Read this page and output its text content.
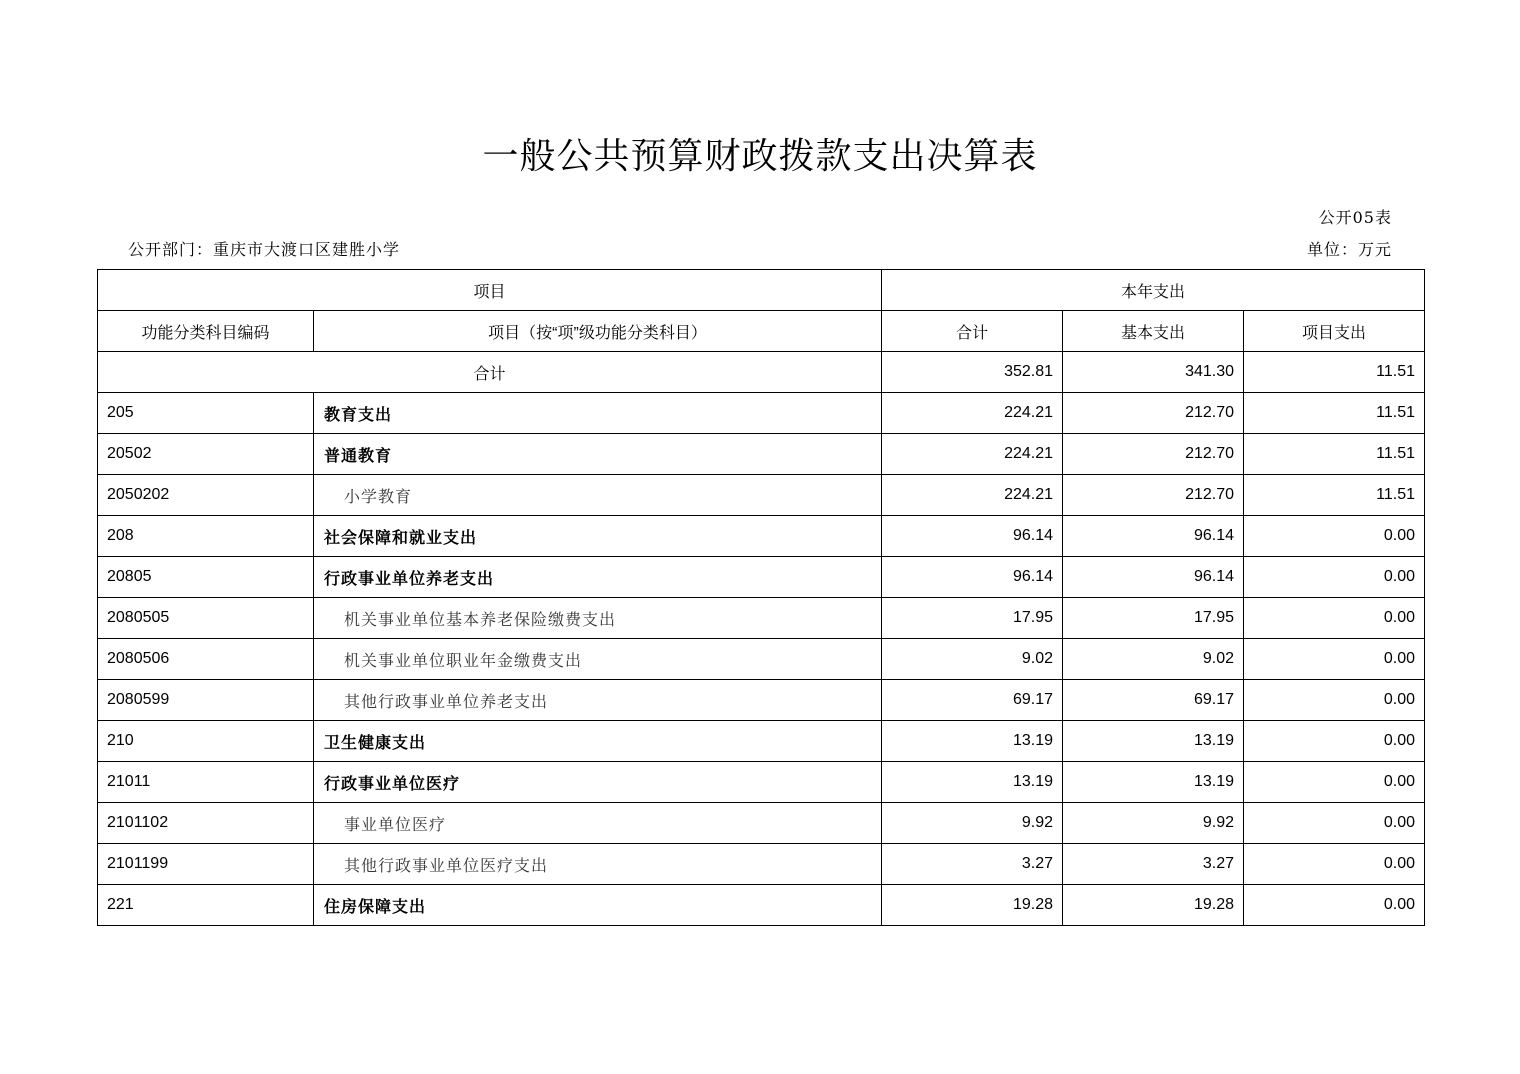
一般公共预算财政拨款支出决算表
公开05表
公开部门：重庆市大渡口区建胜小学	单位：万元
项目		本年支出		
功能分类科目编码	项目（按“项”级功能分类科目）	合计	基本支出	项目支出
合计		352.81	341.30	11.51
205	教育支出	224.21	212.70	11.51
20502	普通教育	224.21	212.70	11.51
2050202	小学教育	224.21	212.70	11.51
208	社会保障和就业支出	96.14	96.14	0.00
20805	行政事业单位养老支出	96.14	96.14	0.00
2080505	机关事业单位基本养老保险缴费支出	17.95	17.95	0.00
2080506	机关事业单位职业年金缴费支出	9.02	9.02	0.00
2080599	其他行政事业单位养老支出	69.17	69.17	0.00
210	卫生健康支出	13.19	13.19	0.00
21011	行政事业单位医疗	13.19	13.19	0.00
2101102	事业单位医疗	9.92	9.92	0.00
2101199	其他行政事业单位医疗支出	3.27	3.27	0.00
221	住房保障支出	19.28	19.28	0.00
